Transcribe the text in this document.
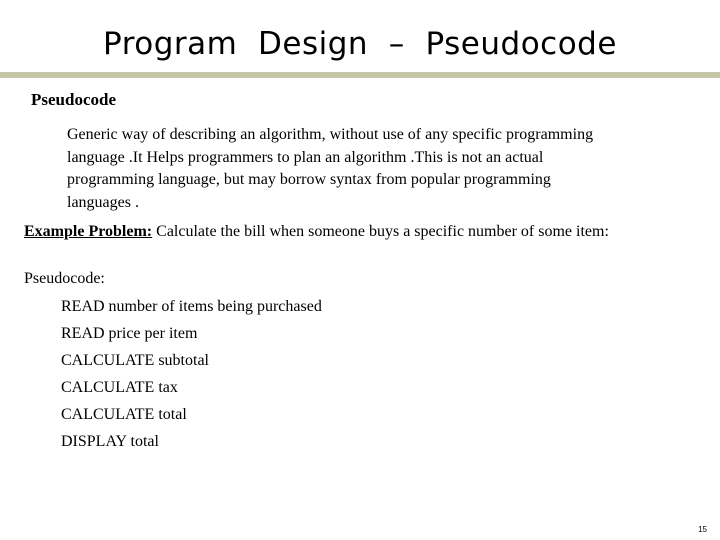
Program  Design  –  Pseudocode
Pseudocode
Generic way of describing an algorithm, without use of any specific programming
language .It Helps programmers to plan an algorithm .This is not an actual
programming language, but may borrow syntax from popular programming
languages .
Example Problem: Calculate the bill when someone buys a specific number of some item:
Pseudocode:
READ number of items being purchased
READ price per item
CALCULATE subtotal
CALCULATE tax
CALCULATE total
DISPLAY total
15
